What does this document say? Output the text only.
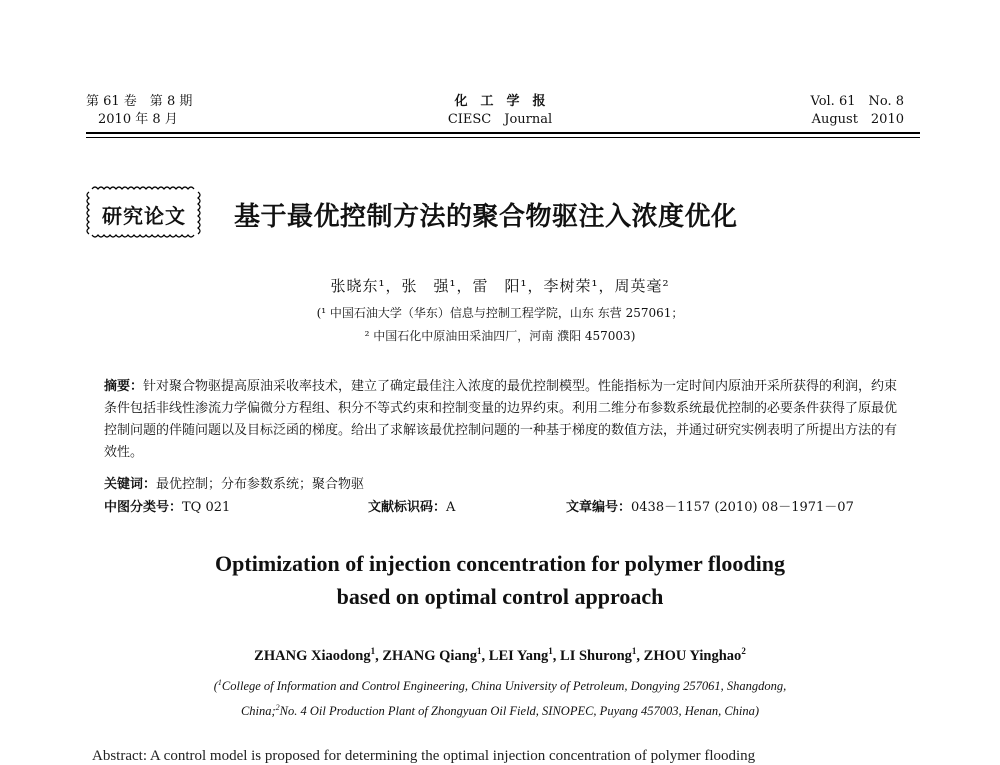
第 61 卷　第 8 期
2010 年 8 月
化　工　学　报
CIESC　Journal
Vol. 61　No. 8
August　2010
研究论文	基于最优控制方法的聚合物驱注入浓度优化
张晓东¹，张　强¹，雷　阳¹，李树荣¹，周英毫²
(¹ 中国石油大学（华东）信息与控制工程学院，山东 东营 257061；
² 中国石化中原油田采油四厂，河南 濮阳 457003)
摘要：针对聚合物驱提高原油采收率技术，建立了确定最佳注入浓度的最优控制模型。性能指标为一定时间内原油开采所获得的利润，约束条件包括非线性渗流力学偏微分方程组、积分不等式约束和控制变量的边界约束。利用二维分布参数系统最优控制的必要条件获得了原最优控制问题的伴随问题以及目标泛函的梯度。给出了求解该最优控制问题的一种基于梯度的数值方法，并通过研究实例表明了所提出方法的有效性。
关键词：最优控制；分布参数系统；聚合物驱
中图分类号：TQ 021	文献标识码：A	文章编号：0438－1157 (2010) 08－1971－07
Optimization of injection concentration for polymer flooding
based on optimal control approach
ZHANG Xiaodong$^1$, ZHANG Qiang$^1$, LEI Yang$^1$, LI Shurong$^1$, ZHOU Yinghao$^2$
($^1$College of Information and Control Engineering, China University of Petroleum, Dongying 257061, Shangdong,
China;$^2$No. 4 Oil Production Plant of Zhongyuan Oil Field, SINOPEC, Puyang 457003, Henan, China)
Abstract: A control model is proposed for determining the optimal injection concentration of polymer flooding
